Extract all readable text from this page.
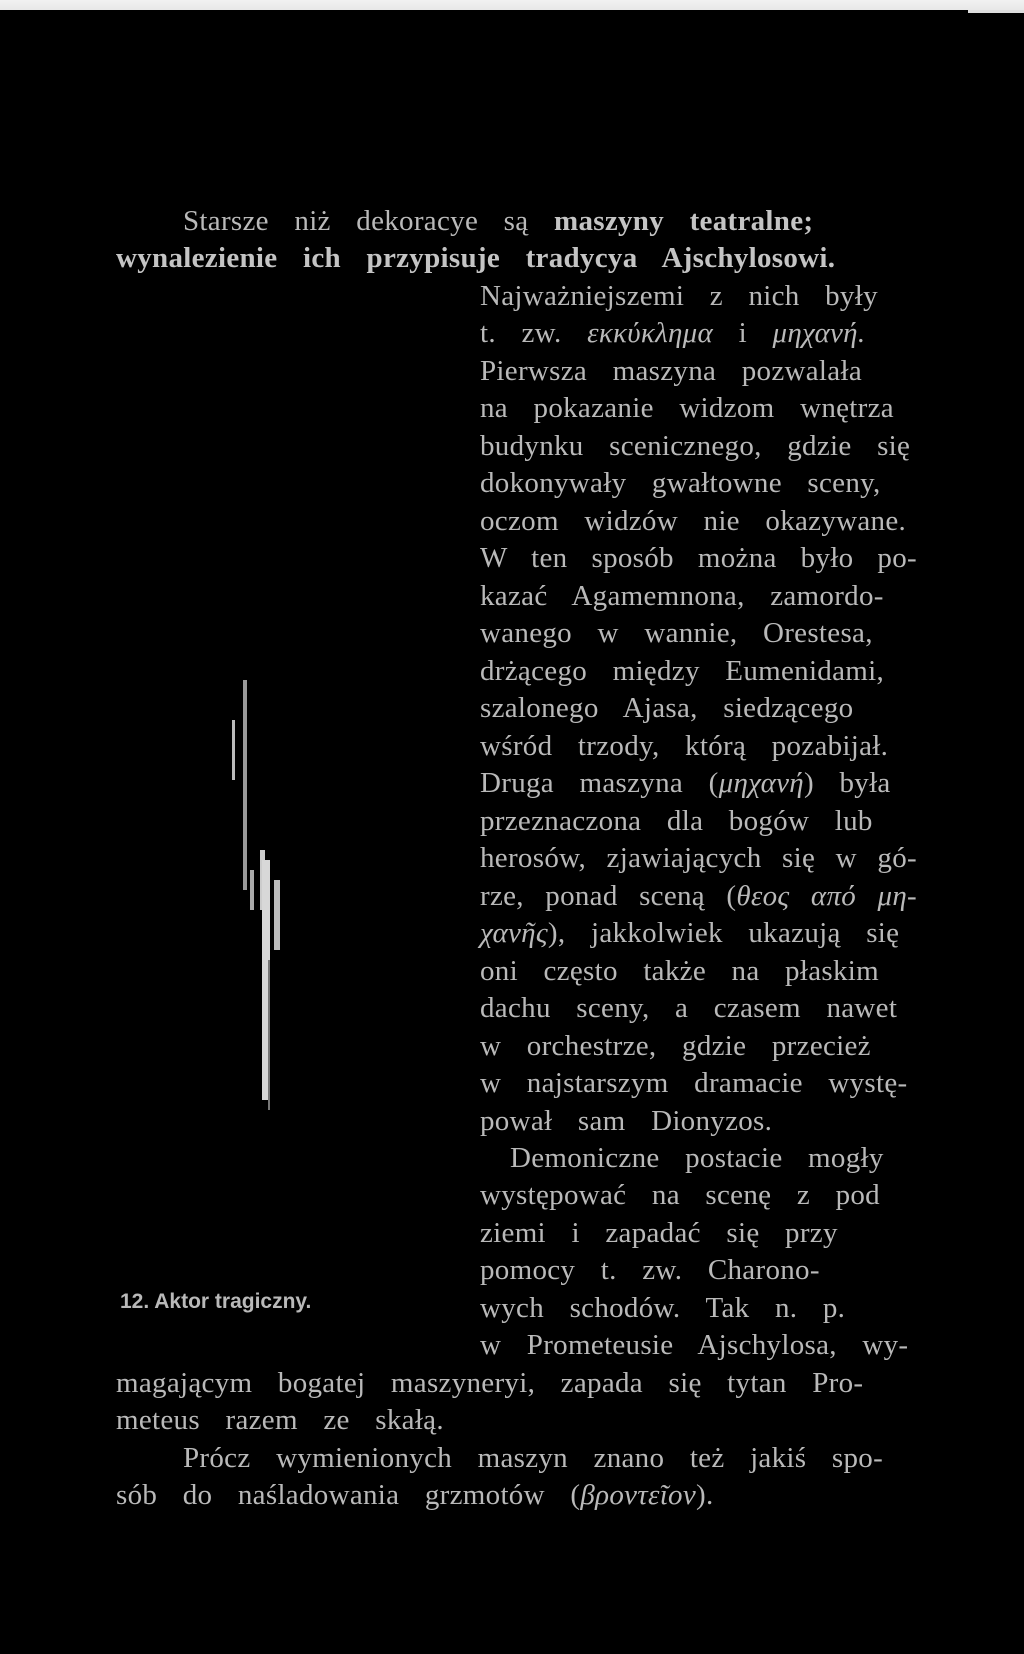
12. Aktor tragiczny.
Starsze niż dekoracye są maszyny teatralne;
wynalezienie ich przypisuje tradycya Ajschylosowi.
Najważniejszemi z nich były
t. zw. εκκύκλημα i μηχανή.
Pierwsza maszyna pozwalała
na pokazanie widzom wnętrza
budynku scenicznego, gdzie się
dokonywały gwałtowne sceny,
oczom widzów nie okazywane.
W ten sposób można było po-
kazać Agamemnona, zamordo-
wanego w wannie, Orestesa,
drżącego między Eumenidami,
szalonego Ajasa, siedzącego
wśród trzody, którą pozabijał.
Druga maszyna (μηχανή) była
przeznaczona dla bogów lub
herosów, zjawiających się w gó-
rze, ponad sceną (θεος από μη-
χανῆς), jakkolwiek ukazują się
oni często także na płaskim
dachu sceny, a czasem nawet
w orchestrze, gdzie przecież
w najstarszym dramacie wystę-
pował sam Dionyzos.
Demoniczne postacie mogły
występować na scenę z pod
ziemi i zapadać się przy
pomocy t. zw. Charono-
wych schodów. Tak n. p.
w Prometeusie Ajschylosa, wy-
magającym bogatej maszyneryi, zapada się tytan Pro-
meteus razem ze skałą.
Prócz wymienionych maszyn znano też jakiś spo-
sób do naśladowania grzmotów (βροντεῖον).
